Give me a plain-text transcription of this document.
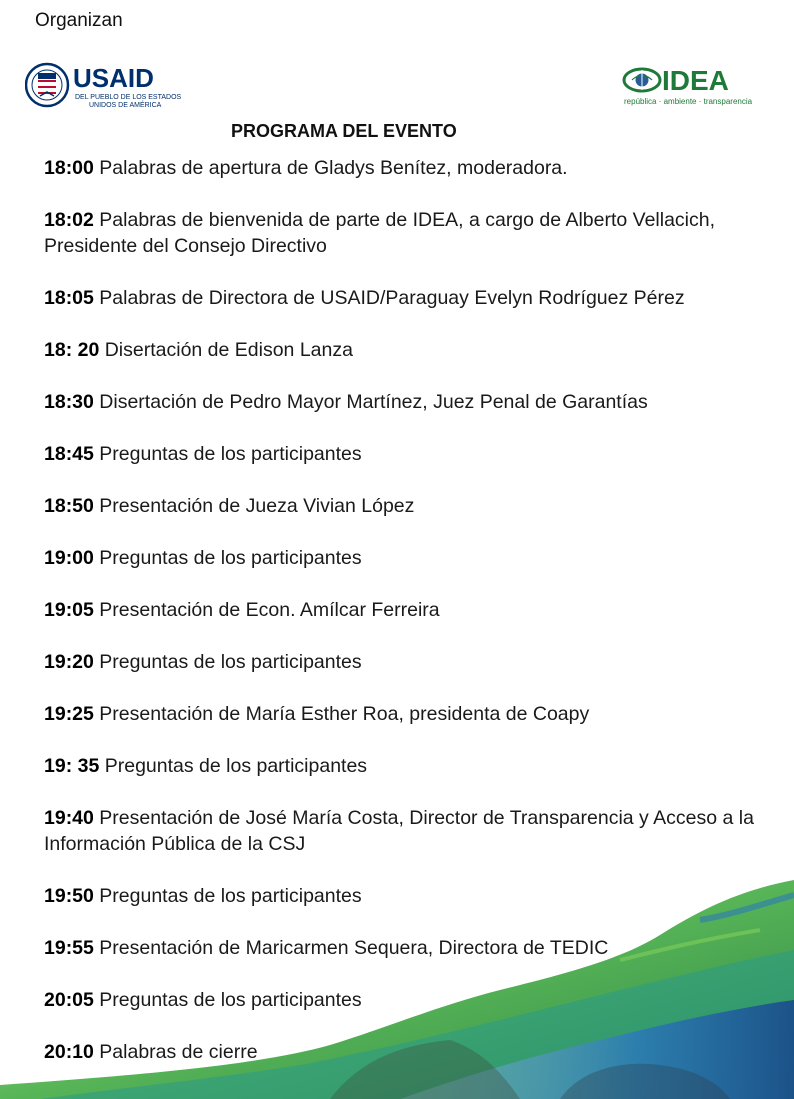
Organizan
USAID
DEL PUEBLO DE LOS ESTADOS
UNIDOS DE AMÉRICA
IDEA
república · ambiente · transparencia
PROGRAMA DEL EVENTO
18:00 Palabras de apertura de Gladys Benítez, moderadora.
18:02 Palabras de bienvenida de parte de IDEA, a cargo de Alberto Vellacich, Presidente del Consejo Directivo
18:05 Palabras de Directora de USAID/Paraguay Evelyn Rodríguez Pérez
18: 20 Disertación de Edison Lanza
18:30 Disertación de Pedro Mayor Martínez, Juez Penal de Garantías
18:45 Preguntas de los participantes
18:50 Presentación de Jueza Vivian López
19:00 Preguntas de los participantes
19:05 Presentación de Econ. Amílcar Ferreira
19:20 Preguntas de los participantes
19:25 Presentación de María Esther Roa, presidenta de Coapy
19: 35 Preguntas de los participantes
19:40 Presentación de José María Costa, Director de Transparencia y Acceso a la Información Pública de la CSJ
19:50 Preguntas de los participantes
19:55 Presentación de Maricarmen Sequera, Directora de TEDIC
20:05 Preguntas de los participantes
20:10 Palabras de cierre
